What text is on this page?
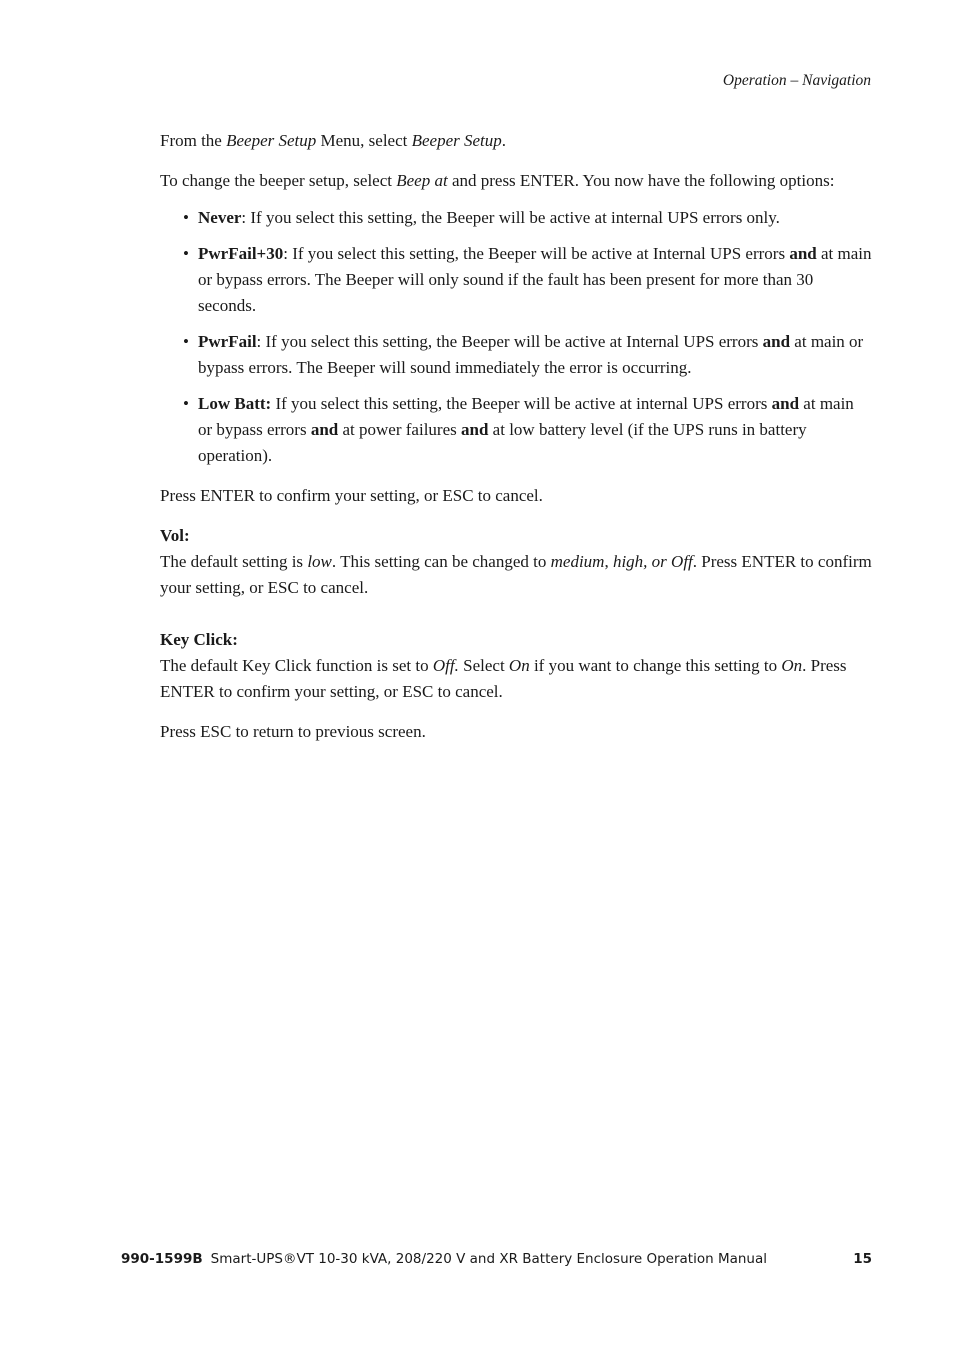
Operation – Navigation

From the Beeper Setup Menu, select Beeper Setup.

To change the beeper setup, select Beep at and press ENTER. You now have the following options:

• Never: If you select this setting, the Beeper will be active at internal UPS errors only.
• PwrFail+30: If you select this setting, the Beeper will be active at Internal UPS errors and at main or bypass errors. The Beeper will only sound if the fault has been present for more than 30 seconds.
• PwrFail: If you select this setting, the Beeper will be active at Internal UPS errors and at main or bypass errors. The Beeper will sound immediately the error is occurring.
• Low Batt: If you select this setting, the Beeper will be active at internal UPS errors and at main or bypass errors and at power failures and at low battery level (if the UPS runs in battery operation).

Press ENTER to confirm your setting, or ESC to cancel.

Vol:

The default setting is low. This setting can be changed to medium, high, or Off. Press ENTER to confirm your setting, or ESC to cancel.

Key Click:

The default Key Click function is set to Off. Select On if you want to change this setting to On. Press ENTER to confirm your setting, or ESC to cancel.

Press ESC to return to previous screen.

990-1599B Smart-UPS®VT 10-30 kVA, 208/220 V and XR Battery Enclosure Operation Manual	15
